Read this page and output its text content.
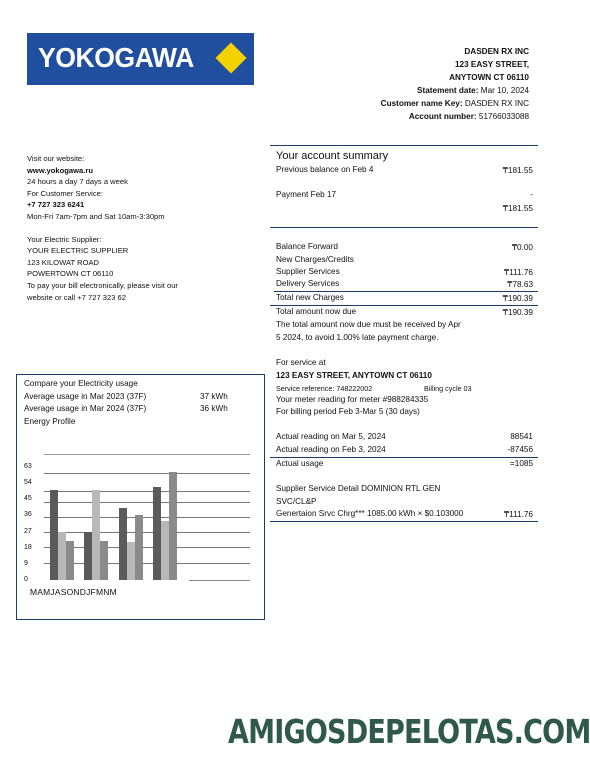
YOKOGAWA	DASDEN RX INC
123 EASY STREET,
ANYTOWN CT 06110
Statement date: Mar 10, 2024
Customer name Key: DASDEN RX INC
Account number: 51766033088
Visit our website:
www.yokogawa.ru
24 hours a day 7 days a week
For Customer Service:
+7 727 323 6241
Mon-Fri 7am-7pm and Sat 10am-3:30pm
Your Electric Supplier:
YOUR ELECTRIC SUPPLIER
123 KILOWAT ROAD
POWERTOWN CT 06110
To pay your bill electronically, please visit our
website or call +7 727 323 62
Your account summary
Previous balance on Feb 4	₸181.55
Payment Feb 17	-
₸181.55
Balance Forward	₸0.00
New Charges/Credits
Supplier Services	₸111.76
Delivery Services	₸78.63
Total new Charges	₸190.39
Total amount now due	₸190.39
The total amount now due must be received by Apr
5 2024, to avoid 1.00% late payment charge.
For service at
123 EASY STREET, ANYTOWN CT 06110
Service reference: 748222002	Billing cycle 03
Your meter reading for meter #988284335
For billing period Feb 3-Mar 5 (30 days)
Actual reading on Mar 5, 2024	88541
Actual reading on Feb 3, 2024	-87456
Actual usage	=1085
Supplier Service Detail DOMINION RTL GEN
SVC/CL&P
Genertaion Srvc Chrg*** 1085.00 kWh × $0.103000	₸111.76
Compare your Electricity usage
Average usage in Mar 2023 (37F)	37 kWh
Average usage in Mar 2024 (37F)	36 kWh
Energy Profile
63
54
45
36
27
18
9
0
MAMJASONDJFMNM
AMIGOSDEPELOTAS.COM
